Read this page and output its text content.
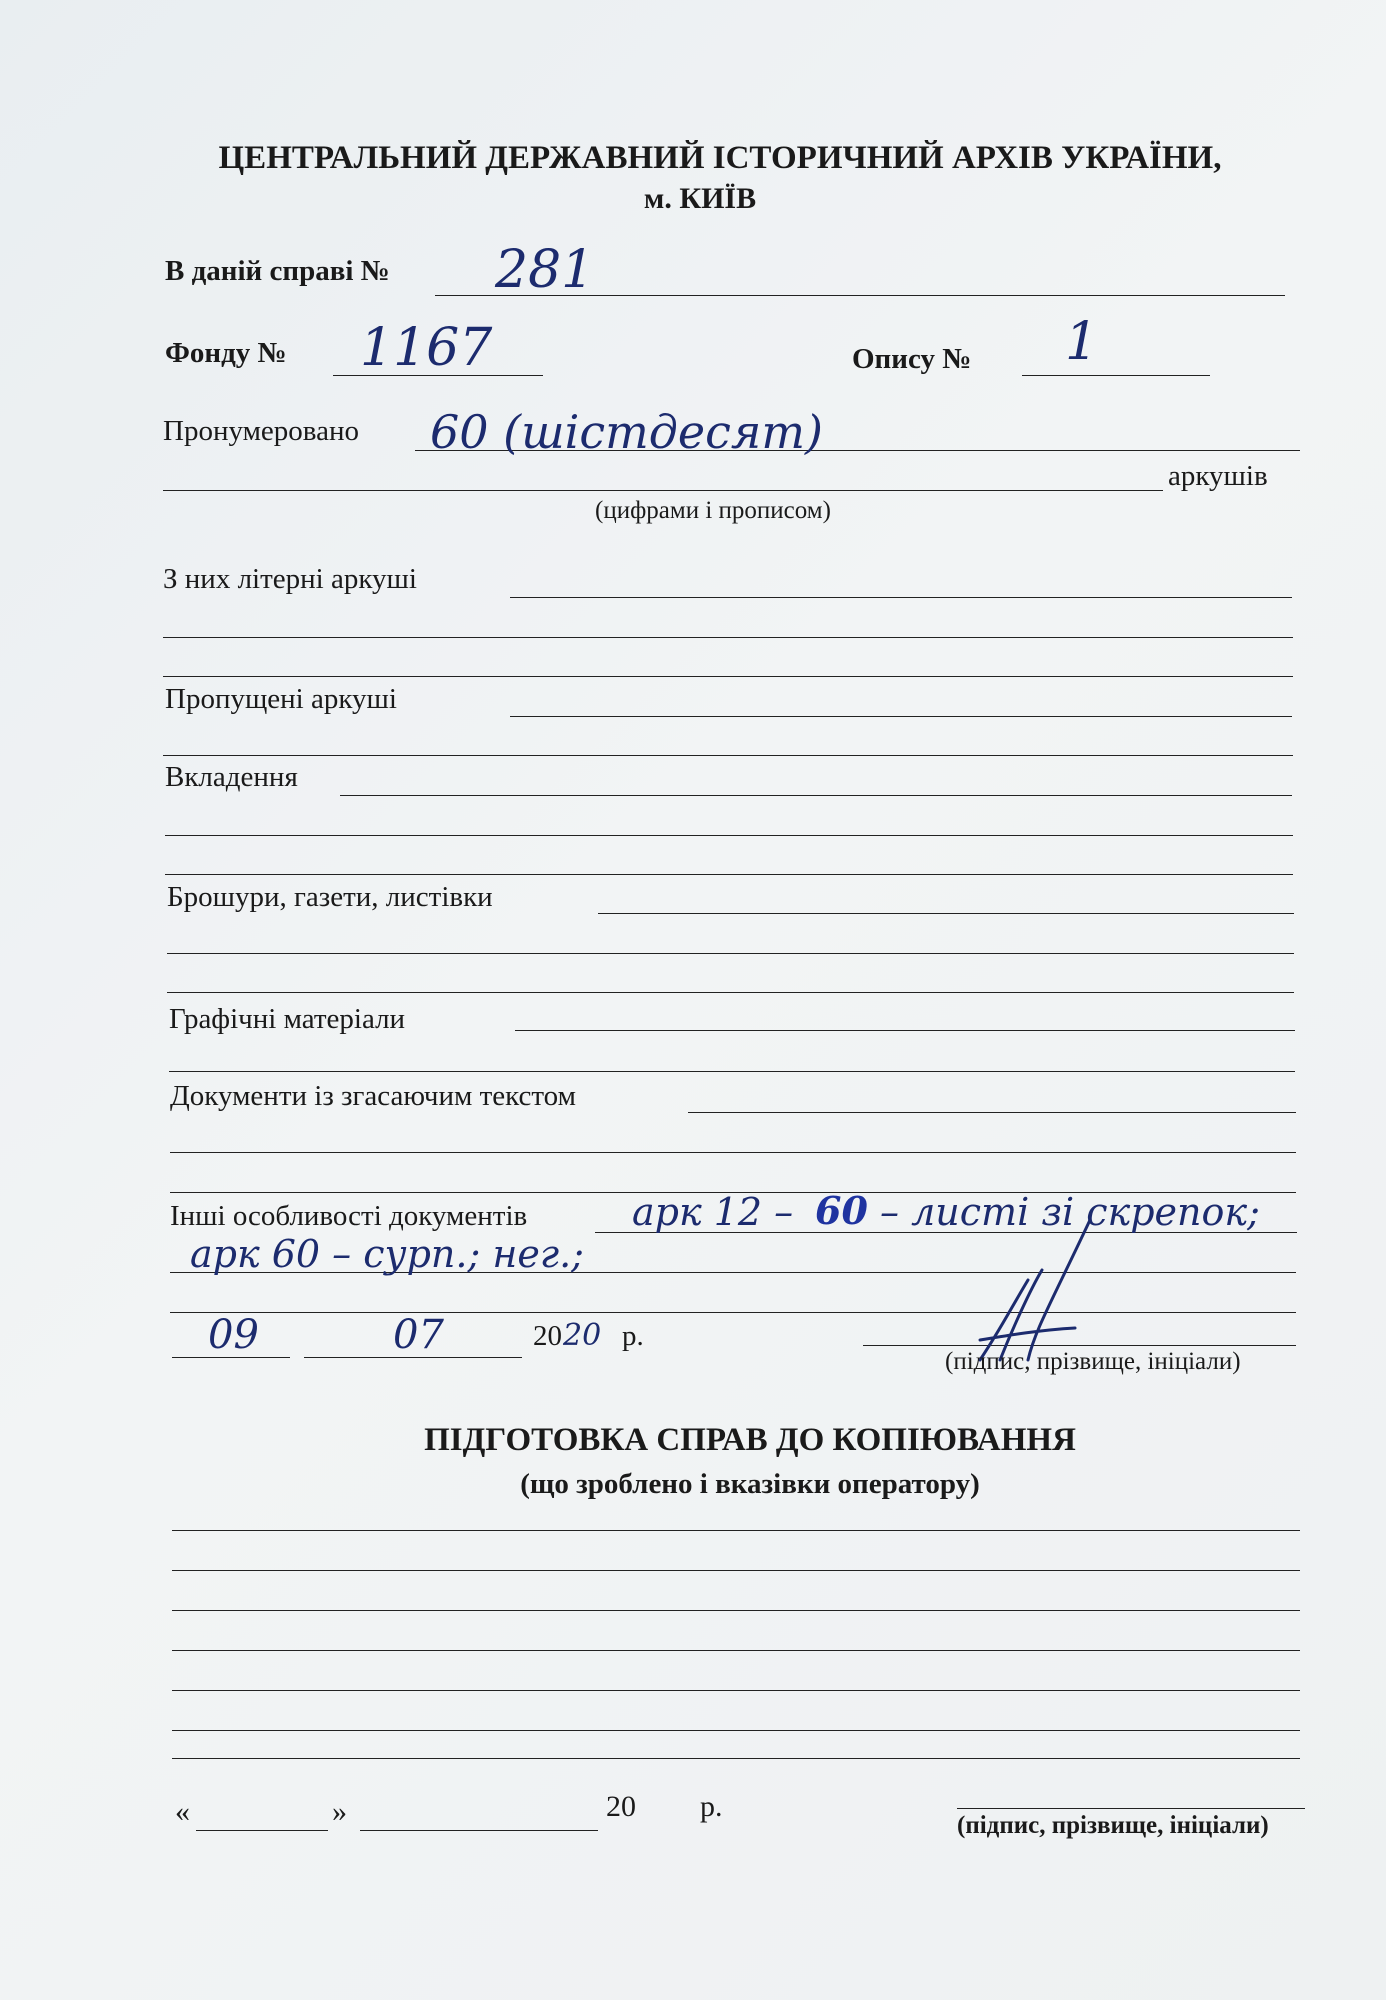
ЦЕНТРАЛЬНИЙ ДЕРЖАВНИЙ ІСТОРИЧНИЙ АРХІВ УКРАЇНИ,
м. КИЇВ
В даній справі № 281
Фонду № 1167	Опису № 1
Пронумеровано 60 (шістдесят)
аркушів
(цифрами і прописом)
З них літерні аркуші
Пропущені аркуші
Вкладення
Брошури, газети, листівки
Графічні матеріали
Документи із згасаючим текстом
Інші особливості документів	арк 12 – 60 – листі зі скрепок;
арк 60 – сурп.; нег.;
09	07	20 20 р.
(підпис, прізвище, ініціали)
ПІДГОТОВКА СПРАВ ДО КОПІЮВАННЯ
(що зроблено і вказівки оператору)
«	»	20 р.
(підпис, прізвище, ініціали)
